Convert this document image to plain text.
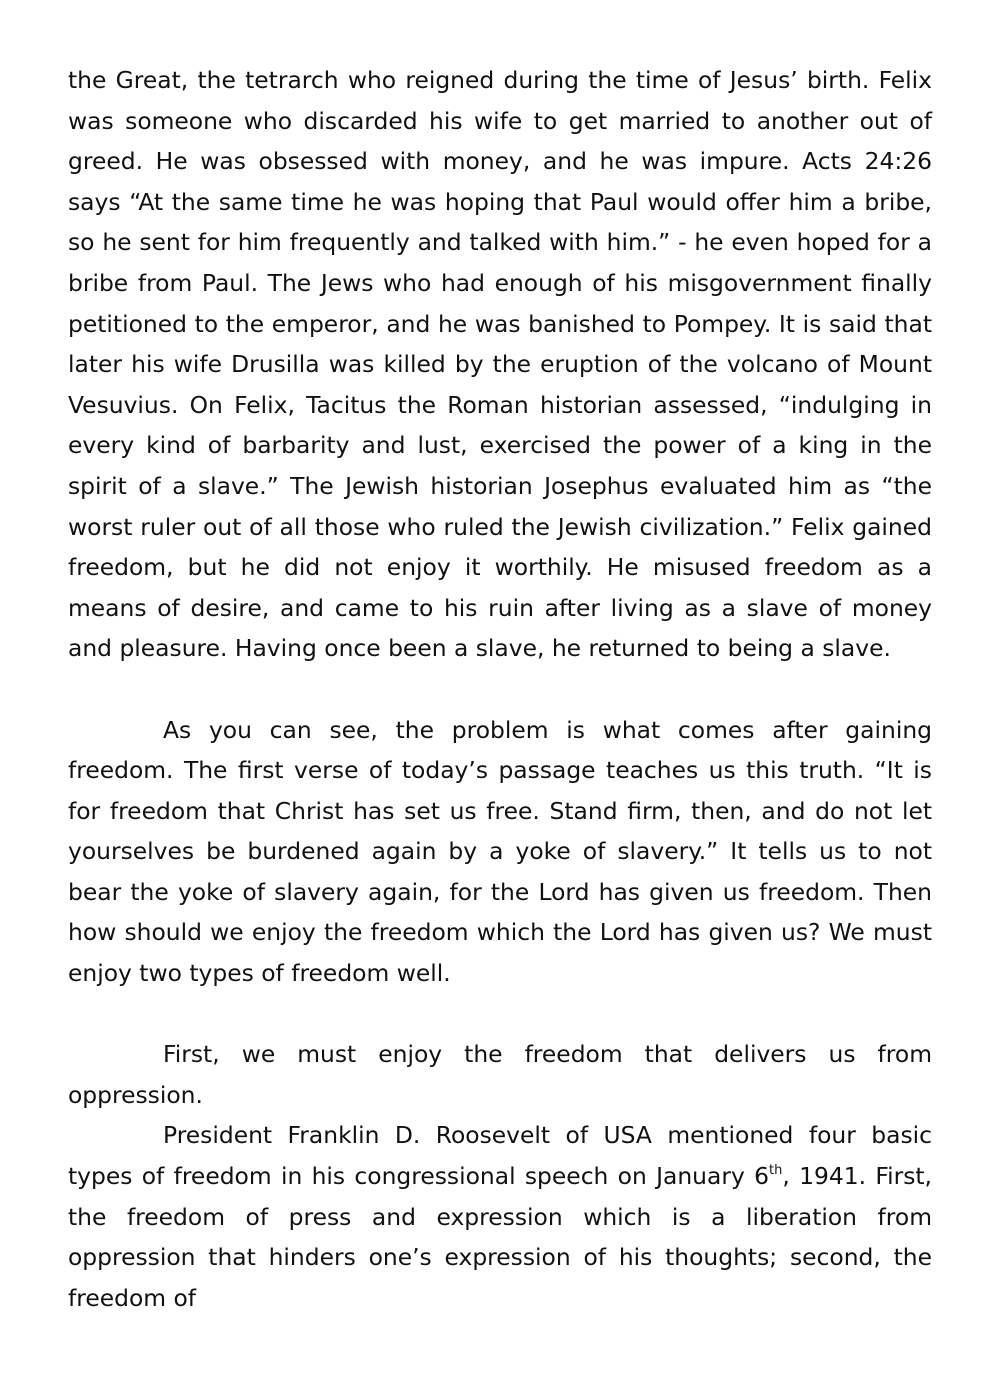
the Great, the tetrarch who reigned during the time of Jesus’ birth. Felix was someone who discarded his wife to get married to another out of greed. He was obsessed with money, and he was impure. Acts 24:26 says “At the same time he was hoping that Paul would offer him a bribe, so he sent for him frequently and talked with him.” - he even hoped for a bribe from Paul. The Jews who had enough of his misgovernment finally petitioned to the emperor, and he was banished to Pompey. It is said that later his wife Drusilla was killed by the eruption of the volcano of Mount Vesuvius. On Felix, Tacitus the Roman historian assessed, “indulging in every kind of barbarity and lust, exercised the power of a king in the spirit of a slave.” The Jewish historian Josephus evaluated him as “the worst ruler out of all those who ruled the Jewish civilization.” Felix gained freedom, but he did not enjoy it worthily. He misused freedom as a means of desire, and came to his ruin after living as a slave of money and pleasure. Having once been a slave, he returned to being a slave.

As you can see, the problem is what comes after gaining freedom. The first verse of today’s passage teaches us this truth. “It is for freedom that Christ has set us free. Stand firm, then, and do not let yourselves be burdened again by a yoke of slavery.” It tells us to not bear the yoke of slavery again, for the Lord has given us freedom. Then how should we enjoy the freedom which the Lord has given us? We must enjoy two types of freedom well.

First, we must enjoy the freedom that delivers us from oppression.

President Franklin D. Roosevelt of USA mentioned four basic types of freedom in his congressional speech on January 6th, 1941. First, the freedom of press and expression which is a liberation from oppression that hinders one’s expression of his thoughts; second, the freedom of
